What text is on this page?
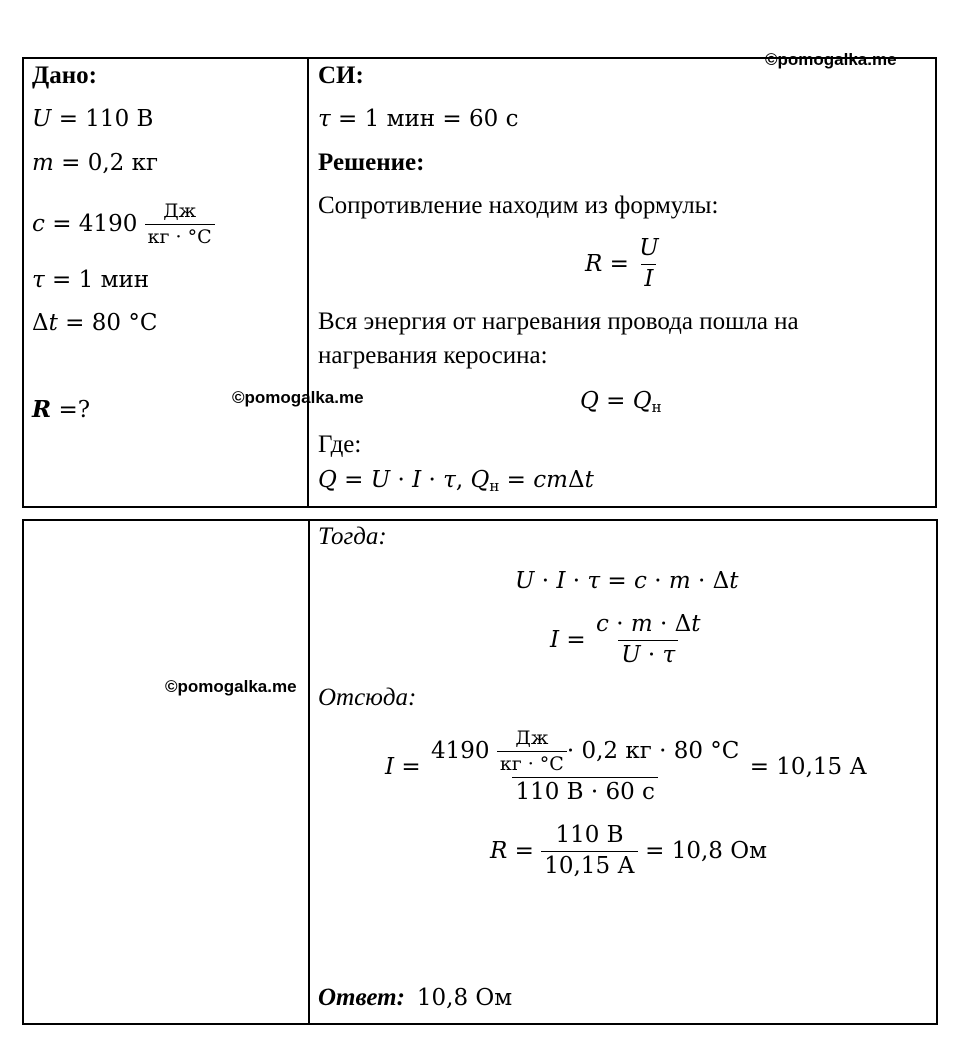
©pomogalka.me
©pomogalka.me
©pomogalka.me
Дано:
U = 110 В
m = 0,2 кг
$c = 4190 \frac{Дж}{кг \cdot ^\circ C}$
τ = 1 мин
Δt = 80 °C
R =?
СИ:
τ = 1 мин = 60 с
Решение:
Сопротивление находим из формулы:
$R = \frac{U}{I}$
Вся энергия от нагревания провода пошла на
нагревания керосина:
$Q = Q_н$
Где:
Q = U · I · τ, $Q_н = cm\Delta t$
Тогда:
U · I · τ = c · m · Δt
$I = \frac{c \cdot m \cdot \Delta t}{U \cdot \tau}$
Отсюда:
I =
4190
$\frac{Дж}{кг \cdot ^\circ C} \cdot 0,2$ кг · 80 °C
110 В · 60 с
= 10,15 А
$R = \frac{110 В}{10,15 А} = 10,8$ Ом
Ответ: 10,8 Ом
